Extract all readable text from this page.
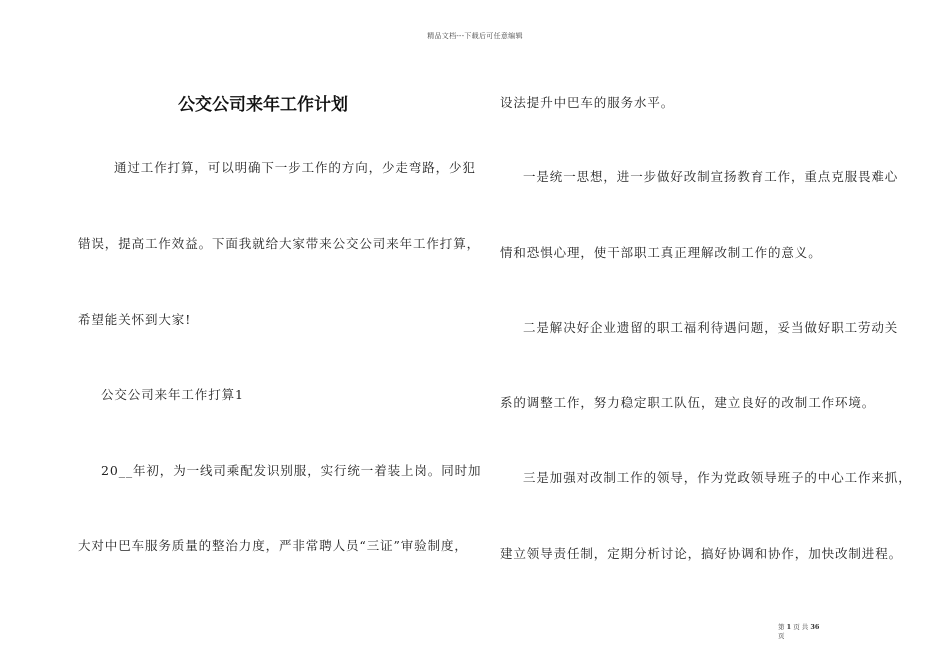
精品文档---下载后可任意编辑
公交公司来年工作计划
通过工作打算，可以明确下一步工作的方向，少走弯路，少犯
错误，提高工作效益。下面我就给大家带来公交公司来年工作打算，
希望能关怀到大家!
公交公司来年工作打算1
20__年初，为一线司乘配发识别服，实行统一着装上岗。同时加
大对中巴车服务质量的整治力度，严非常聘人员“三证”审验制度，
设法提升中巴车的服务水平。
一是统一思想，进一步做好改制宣扬教育工作，重点克服畏难心
情和恐惧心理，使干部职工真正理解改制工作的意义。
二是解决好企业遗留的职工福利待遇问题，妥当做好职工劳动关
系的调整工作，努力稳定职工队伍，建立良好的改制工作环境。
三是加强对改制工作的领导，作为党政领导班子的中心工作来抓，
建立领导责任制，定期分析讨论，搞好协调和协作，加快改制进程。
第 1 页 共 36
页
